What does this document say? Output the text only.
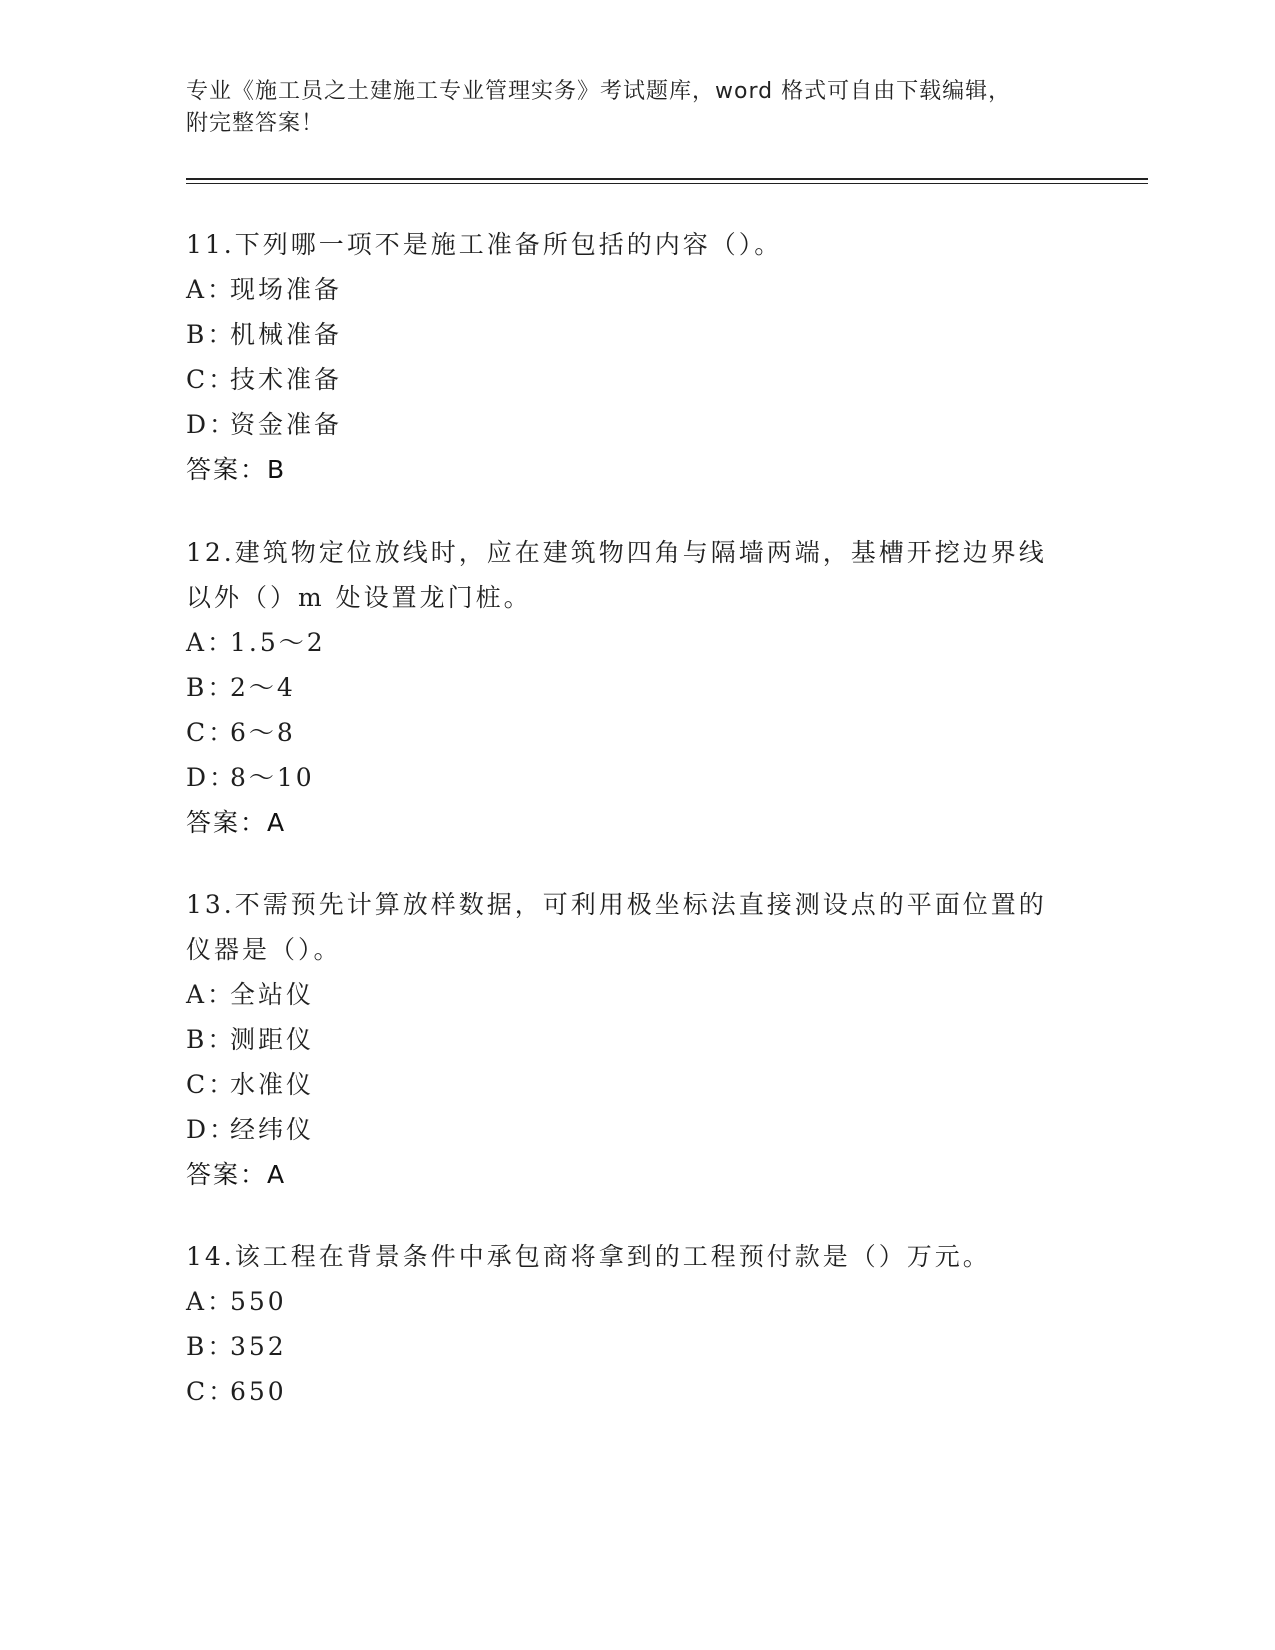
专业《施工员之土建施工专业管理实务》考试题库，word 格式可自由下载编辑，
附完整答案！
11.下列哪一项不是施工准备所包括的内容（）。
A：现场准备
B：机械准备
C：技术准备
D：资金准备
答案：B
12.建筑物定位放线时，应在建筑物四角与隔墙两端，基槽开挖边界线
以外（）m 处设置龙门桩。
A：1.5～2
B：2～4
C：6～8
D：8～10
答案：A
13.不需预先计算放样数据，可利用极坐标法直接测设点的平面位置的
仪器是（）。
A：全站仪
B：测距仪
C：水准仪
D：经纬仪
答案：A
14.该工程在背景条件中承包商将拿到的工程预付款是（）万元。
A：550
B：352
C：650
